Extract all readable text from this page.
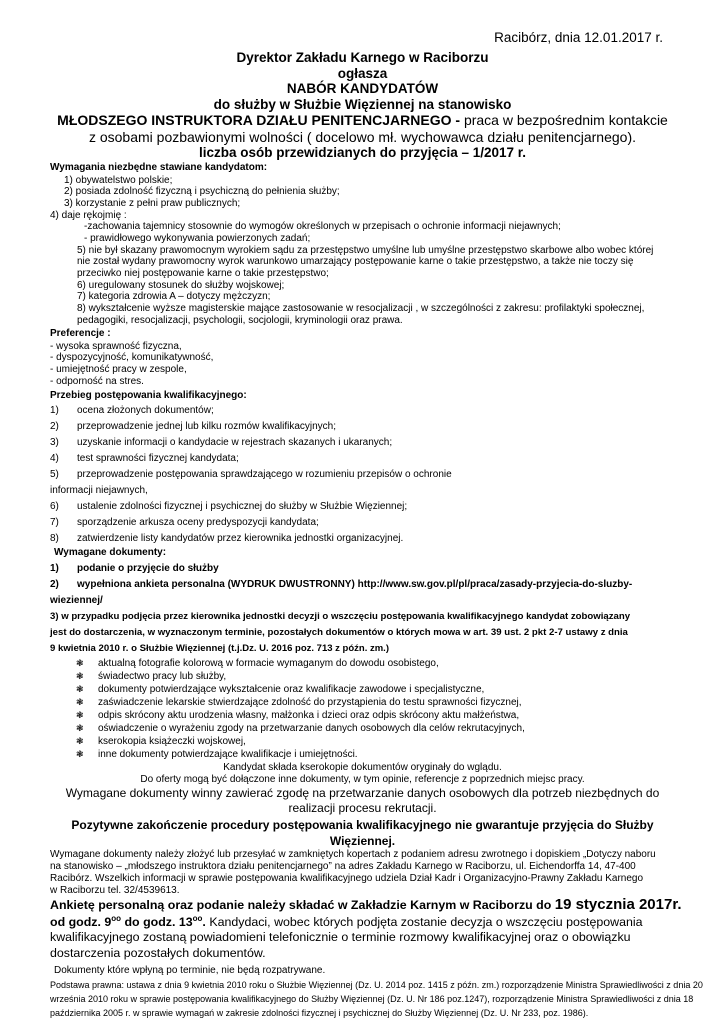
Racibórz, dnia 12.01.2017 r.
Dyrektor Zakładu Karnego w Raciborzu
ogłasza
NABÓR KANDYDATÓW
do służby w Służbie Więziennej na stanowisko
MŁODSZEGO INSTRUKTORA DZIAŁU PENITENCJARNEGO - praca w bezpośrednim kontakcie
z osobami pozbawionymi wolności ( docelowo mł. wychowawca działu penitencjarnego).
liczba osób przewidzianych do przyjęcia – 1/2017 r.
Wymagania niezbędne stawiane kandydatom:
1) obywatelstwo polskie;
2) posiada zdolność fizyczną i psychiczną do pełnienia służby;
3) korzystanie z pełni praw publicznych;
4) daje rękojmię :
-zachowania tajemnicy stosownie do wymogów określonych w przepisach o ochronie informacji niejawnych;
- prawidłowego wykonywania powierzonych zadań;
5) nie był skazany prawomocnym wyrokiem sądu za przestępstwo umyślne lub umyślne przestępstwo skarbowe albo wobec której
nie został wydany prawomocny wyrok warunkowo umarzający postępowanie karne o takie przestępstwo, a także nie toczy się
przeciwko niej postępowanie karne o takie przestępstwo;
6) uregulowany stosunek do służby wojskowej;
7) kategoria zdrowia A – dotyczy mężczyzn;
8) wykształcenie wyższe magisterskie mające zastosowanie w resocjalizacji , w szczególności z zakresu: profilaktyki społecznej,
pedagogiki, resocjalizacji, psychologii, socjologii, kryminologii oraz prawa.
Preferencje :
- wysoka sprawność fizyczna,
- dyspozycyjność, komunikatywność,
- umiejętność pracy w zespole,
- odporność na stres.
Przebieg postępowania kwalifikacyjnego:
1) ocena złożonych dokumentów;
2) przeprowadzenie jednej lub kilku rozmów kwalifikacyjnych;
3) uzyskanie informacji o kandydacie w rejestrach skazanych i ukaranych;
4) test sprawności fizycznej kandydata;
5) przeprowadzenie postępowania sprawdzającego w rozumieniu przepisów o ochronie
informacji niejawnych,
6) ustalenie zdolności fizycznej i psychicznej do służby w Służbie Więziennej;
7) sporządzenie arkusza oceny predyspozycji kandydata;
8) zatwierdzenie listy kandydatów przez kierownika jednostki organizacyjnej.
Wymagane dokumenty:
1) podanie o przyjęcie do służby
2) wypełniona ankieta personalna (WYDRUK DWUSTRONNY) http://www.sw.gov.pl/pl/praca/zasady-przyjecia-do-sluzby-
wieziennej/
3) w przypadku podjęcia przez kierownika jednostki decyzji o wszczęciu postępowania kwalifikacyjnego kandydat zobowiązany
jest do dostarczenia, w wyznaczonym terminie, pozostałych dokumentów o których mowa w art. 39 ust. 2 pkt 2-7 ustawy z dnia
9 kwietnia 2010 r. o Służbie Więziennej (t.j.Dz. U. 2016 poz. 713 z późn. zm.)
❃ aktualną fotografie kolorową w formacie wymaganym do dowodu osobistego,
❃ świadectwo pracy lub służby,
❃ dokumenty potwierdzające wykształcenie oraz kwalifikacje zawodowe i specjalistyczne,
❃ zaświadczenie lekarskie stwierdzające zdolność do przystąpienia do testu sprawności fizycznej,
❃ odpis skrócony aktu urodzenia własny, małżonka i dzieci oraz odpis skrócony aktu małżeństwa,
❃ oświadczenie o wyrażeniu zgody na przetwarzanie danych osobowych dla celów rekrutacyjnych,
❃ kserokopia książeczki wojskowej,
❃ inne dokumenty potwierdzające kwalifikacje i umiejętności.
Kandydat składa kserokopie dokumentów oryginały do wglądu.
Do oferty mogą być dołączone inne dokumenty, w tym opinie, referencje z poprzednich miejsc pracy.
Wymagane dokumenty winny zawierać zgodę na przetwarzanie danych osobowych dla potrzeb niezbędnych do
realizacji procesu rekrutacji.
Pozytywne zakończenie procedury postępowania kwalifikacyjnego nie gwarantuje przyjęcia do Służby
Więziennej.
Wymagane dokumenty należy złożyć lub przesyłać w zamkniętych kopertach z podaniem adresu zwrotnego i dopiskiem „Dotyczy naboru
na stanowisko – „młodszego instruktora działu penitencjarnego” na adres Zakładu Karnego w Raciborzu, ul. Eichendorffa 14, 47-400
Racibórz. Wszelkich informacji w sprawie postępowania kwalifikacyjnego udziela Dział Kadr i Organizacyjno-Prawny Zakładu Karnego
w Raciborzu tel. 32/4539613.
Ankietę personalną oraz podanie należy składać w Zakładzie Karnym w Raciborzu do 19 stycznia 2017r.
od godz. $9^{oo}$ do godz. $13^{oo}$. Kandydaci, wobec których podjęta zostanie decyzja o wszczęciu postępowania
kwalifikacyjnego zostaną powiadomieni telefonicznie o terminie rozmowy kwalifikacyjnej oraz o obowiązku
dostarczenia pozostałych dokumentów.
Dokumenty które wpłyną po terminie, nie będą rozpatrywane.
Podstawa prawna: ustawa z dnia 9 kwietnia 2010 roku o Służbie Więziennej (Dz. U. 2014 poz. 1415 z późn. zm.) rozporządzenie Ministra Sprawiedliwości z dnia 20
września 2010 roku w sprawie postępowania kwalifikacyjnego do Służby Więziennej (Dz. U. Nr 186 poz.1247), rozporządzenie Ministra Sprawiedliwości z dnia 18
października 2005 r. w sprawie wymagań w zakresie zdolności fizycznej i psychicznej do Służby Więziennej (Dz. U. Nr 233, poz. 1986).
